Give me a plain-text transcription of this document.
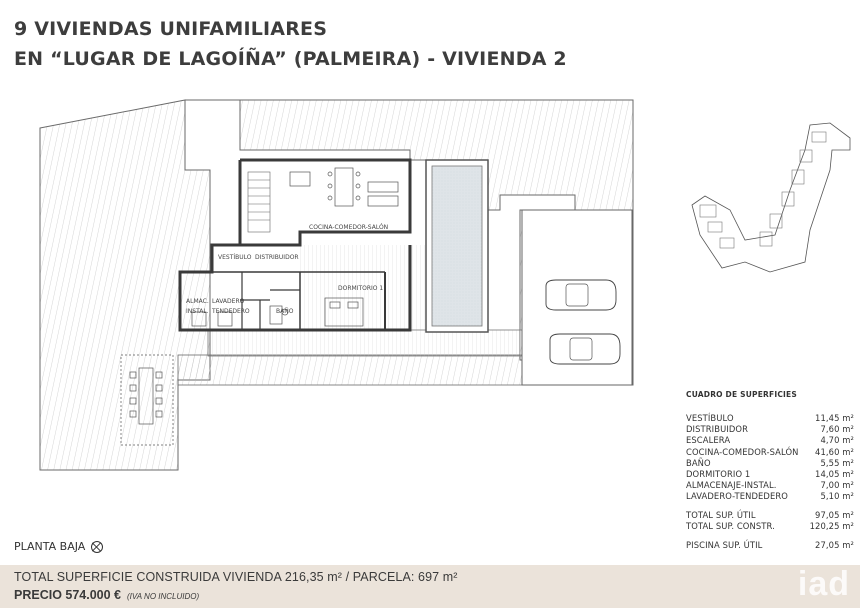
9 VIVIENDAS UNIFAMILIARES
EN “LUGAR DE LAGOÍÑA” (PALMEIRA) - VIVIENDA 2
COCINA-COMEDOR-SALÓN
VESTÍBULO DISTRIBUIDOR
DORMITORIO 1
ALMAC.
INSTAL.
LAVADERO
TENDEDERO	BAÑO
CUADRO DE SUPERFICIES
VESTÍBULO	11,45 m²
DISTRIBUIDOR	7,60 m²
ESCALERA	4,70 m²
COCINA-COMEDOR-SALÓN 41,60 m²
BAÑO	5,55 m²
DORMITORIO 1	14,05 m²
ALMACENAJE-INSTAL.	7,00 m²
LAVADERO-TENDEDERO	5,10 m²
TOTAL SUP. ÚTIL	97,05 m²
TOTAL SUP. CONSTR.	120,25 m²
PISCINA SUP. ÚTIL	27,05 m²
PLANTA BAJA
TOTAL SUPERFICIE CONSTRUIDA VIVIENDA 216,35 m² / PARCELA: 697 m²
PRECIO 574.000 € (IVA NO INCLUIDO)	iad
